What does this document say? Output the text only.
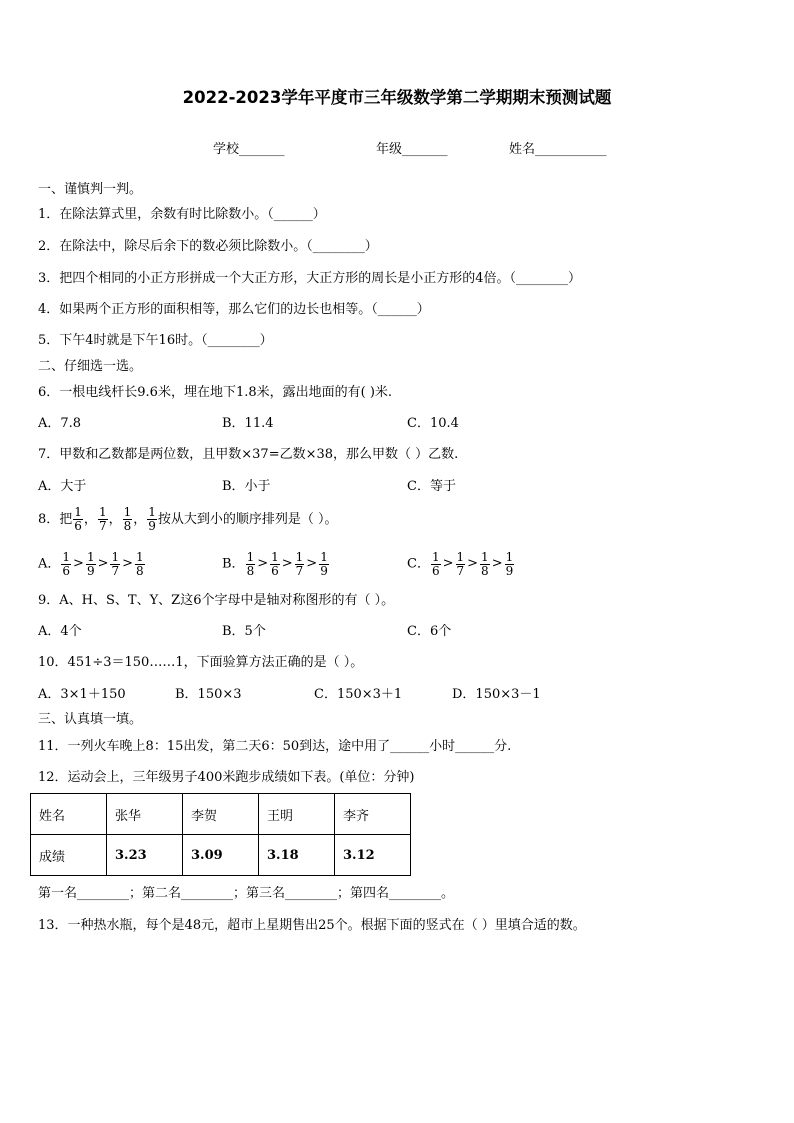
2022-2023学年平度市三年级数学第二学期期末预测试题
学校_______	年级_______	姓名___________
一、谨慎判一判。
1．在除法算式里，余数有时比除数小。（______）
2．在除法中，除尽后余下的数必须比除数小。（________）
3．把四个相同的小正方形拼成一个大正方形，大正方形的周长是小正方形的4倍。（________）
4．如果两个正方形的面积相等，那么它们的边长也相等。（______）
5．下午4时就是下午16时。（________）
二、仔细选一选。
6．一根电线杆长9.6米，埋在地下1.8米，露出地面的有( )米.
A．7.8	B．11.4	C．10.4
7．甲数和乙数都是两位数，且甲数×37=乙数×38，那么甲数（ ）乙数.
A．大于	B．小于	C．等于
8．把 $\frac{1}{6}$ ， $\frac{1}{7}$ ， $\frac{1}{8}$ ， $\frac{1}{9}$ 按从大到小的顺序排列是（ ）。
A． $\frac{1}{6} > \frac{1}{9} > \frac{1}{7} > \frac{1}{8}$	B． $\frac{1}{8} > \frac{1}{6} > \frac{1}{7} > \frac{1}{9}$	C． $\frac{1}{6} > \frac{1}{7} > \frac{1}{8} > \frac{1}{9}$
9．A、H、S、T、Y、Z这6个字母中是轴对称图形的有（ ）。
A．4个	B．5个	C．6个
10．451÷3＝150……1，下面验算方法正确的是（ ）。
A．3×1＋150	B．150×3	C．150×3＋1	D．150×3－1
三、认真填一填。
11．一列火车晚上8：15出发，第二天6：50到达，途中用了______小时______分.
12．运动会上，三年级男子400米跑步成绩如下表。(单位：分钟)
姓名	张华	李贺	王明	李齐
成绩	3.23	3.09	3.18	3.12
第一名________；第二名________；第三名________；第四名________。
13．一种热水瓶，每个是48元，超市上星期售出25个。根据下面的竖式在（ ）里填合适的数。
